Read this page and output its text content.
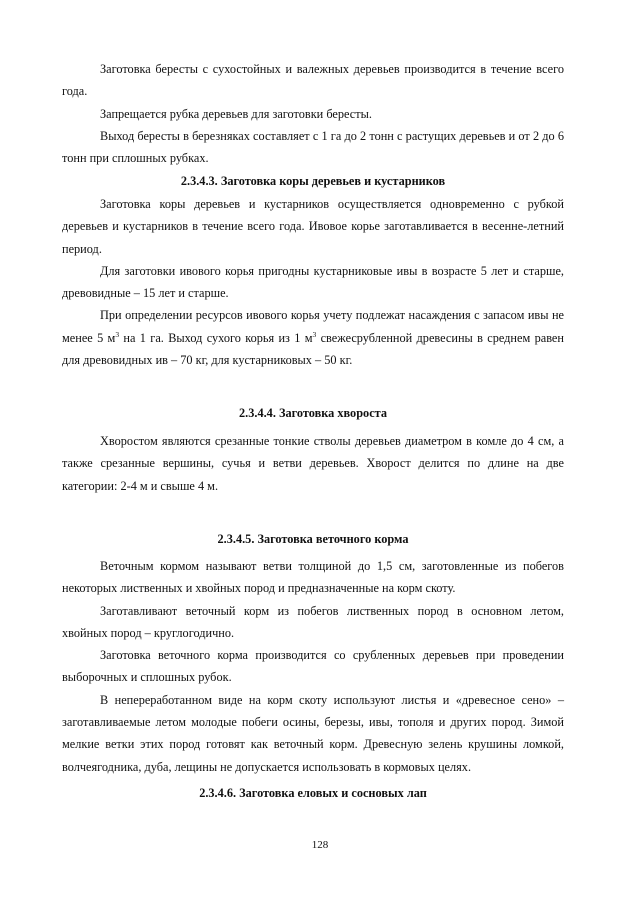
Заготовка бересты с сухостойных и валежных деревьев производится в течение всего года.

Запрещается рубка деревьев для заготовки бересты.

Выход бересты в березняках составляет с 1 га до 2 тонн с растущих деревьев и от 2 до 6 тонн при сплошных рубках.

2.3.4.3. Заготовка коры деревьев и кустарников

Заготовка коры деревьев и кустарников осуществляется одновременно с рубкой деревьев и кустарников в течение всего года. Ивовое корье заготавливается в весенне-летний период.

Для заготовки ивового корья пригодны кустарниковые ивы в возрасте 5 лет и старше, древовидные – 15 лет и старше.

При определении ресурсов ивового корья учету подлежат насаждения с запасом ивы не менее 5 $м^3$ на 1 га. Выход сухого корья из 1 $м^3$ свежесрубленной древесины в среднем равен для древовидных ив – 70 кг, для кустарниковых – 50 кг.

2.3.4.4. Заготовка хвороста

Хворостом являются срезанные тонкие стволы деревьев диаметром в комле до 4 см, а также срезанные вершины, сучья и ветви деревьев. Хворост делится по длине на две категории: 2-4 м и свыше 4 м.

2.3.4.5. Заготовка веточного корма

Веточным кормом называют ветви толщиной до 1,5 см, заготовленные из побегов некоторых лиственных и хвойных пород и предназначенные на корм скоту.

Заготавливают веточный корм из побегов лиственных пород в основном летом, хвойных пород – круглогодично.

Заготовка веточного корма производится со срубленных деревьев при проведении выборочных и сплошных рубок.

В непереработанном виде на корм скоту используют листья и «древесное сено» – заготавливаемые летом молодые побеги осины, березы, ивы, тополя и других пород. Зимой мелкие ветки этих пород готовят как веточный корм. Древесную зелень крушины ломкой, волчеягодника, дуба, лещины не допускается использовать в кормовых целях.

2.3.4.6. Заготовка еловых и сосновых лап
128
